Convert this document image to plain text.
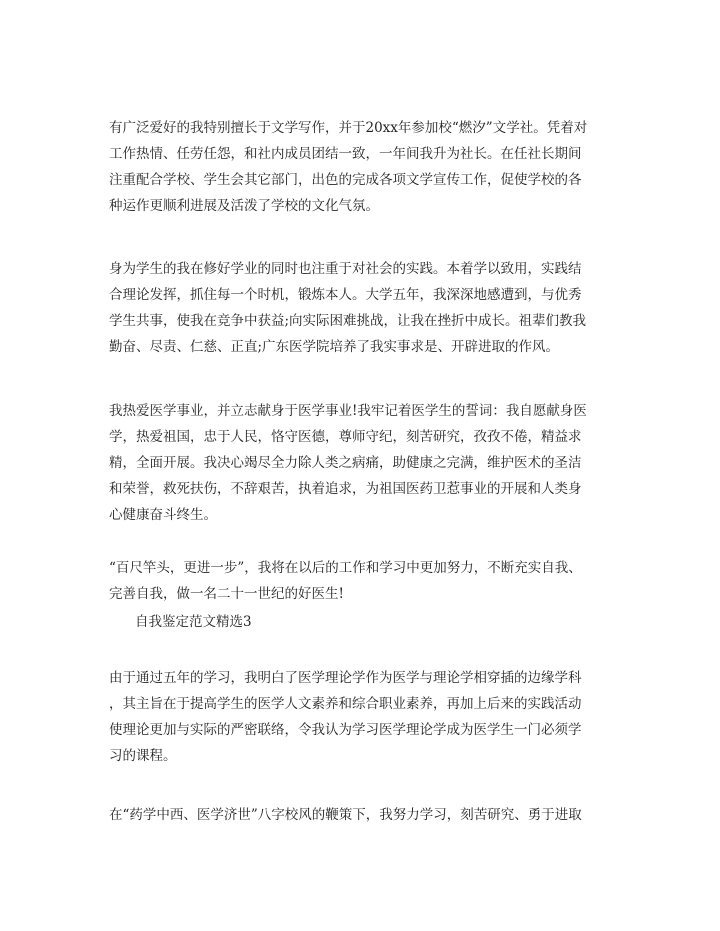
有广泛爱好的我特别擅长于文学写作，并于20xx年参加校“燃汐”文学社。凭着对
工作热情、任劳任怨，和社内成员团结一致，一年间我升为社长。在任社长期间
注重配合学校、学生会其它部门，出色的完成各项文学宣传工作，促使学校的各
种运作更顺利进展及活泼了学校的文化气氛。
身为学生的我在修好学业的同时也注重于对社会的实践。本着学以致用，实践结
合理论发挥，抓住每一个时机，锻炼本人。大学五年，我深深地感遭到，与优秀
学生共事，使我在竞争中获益;向实际困难挑战，让我在挫折中成长。祖辈们教我
勤奋、尽责、仁慈、正直;广东医学院培养了我实事求是、开辟进取的作风。
我热爱医学事业，并立志献身于医学事业!我牢记着医学生的誓词：我自愿献身医
学，热爱祖国，忠于人民，恪守医德，尊师守纪，刻苦研究，孜孜不倦，精益求
精，全面开展。我决心竭尽全力除人类之病痛，助健康之完满，维护医术的圣洁
和荣誉，救死扶伤，不辞艰苦，执着追求，为祖国医药卫惹事业的开展和人类身
心健康奋斗终生。
“百尺竿头，更进一步”，我将在以后的工作和学习中更加努力，不断充实自我、
完善自我，做一名二十一世纪的好医生!
自我鉴定范文精选3
由于通过五年的学习，我明白了医学理论学作为医学与理论学相穿插的边缘学科
，其主旨在于提高学生的医学人文素养和综合职业素养，再加上后来的实践活动
使理论更加与实际的严密联络，令我认为学习医学理论学成为医学生一门必须学
习的课程。
在“药学中西、医学济世”八字校风的鞭策下，我努力学习，刻苦研究、勇于进取
